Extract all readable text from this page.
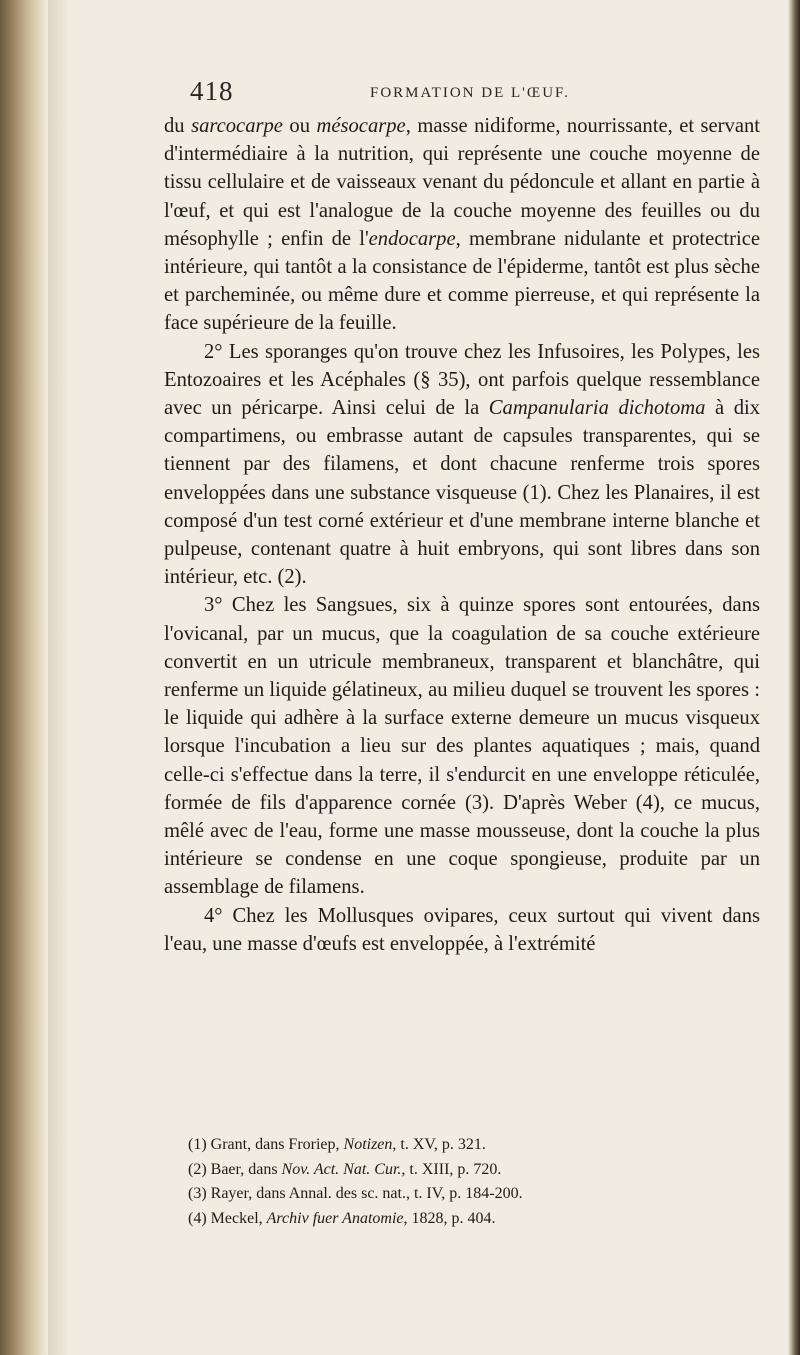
418	FORMATION DE L'ŒUF.

du sarcocarpe ou mésocarpe, masse nidiforme, nourrissante, et servant d'intermédiaire à la nutrition, qui représente une couche moyenne de tissu cellulaire et de vaisseaux venant du pédoncule et allant en partie à l'œuf, et qui est l'analogue de la couche moyenne des feuilles ou du mésophylle ; enfin de l'endocarpe, membrane nidulante et protectrice intérieure, qui tantôt a la consistance de l'épiderme, tantôt est plus sèche et parcheminée, ou même dure et comme pierreuse, et qui représente la face supérieure de la feuille.

2° Les sporanges qu'on trouve chez les Infusoires, les Polypes, les Entozoaires et les Acéphales (§ 35), ont parfois quelque ressemblance avec un péricarpe. Ainsi celui de la Campanularia dichotoma à dix compartimens, ou embrasse autant de capsules transparentes, qui se tiennent par des filamens, et dont chacune renferme trois spores enveloppées dans une substance visqueuse (1). Chez les Planaires, il est composé d'un test corné extérieur et d'une membrane interne blanche et pulpeuse, contenant quatre à huit embryons, qui sont libres dans son intérieur, etc. (2).

3° Chez les Sangsues, six à quinze spores sont entourées, dans l'ovicanal, par un mucus, que la coagulation de sa couche extérieure convertit en un utricule membraneux, transparent et blanchâtre, qui renferme un liquide gélatineux, au milieu duquel se trouvent les spores : le liquide qui adhère à la surface externe demeure un mucus visqueux lorsque l'incubation a lieu sur des plantes aquatiques ; mais, quand celle-ci s'effectue dans la terre, il s'endurcit en une enveloppe réticulée, formée de fils d'apparence cornée (3). D'après Weber (4), ce mucus, mêlé avec de l'eau, forme une masse mousseuse, dont la couche la plus intérieure se condense en une coque spongieuse, produite par un assemblage de filamens.

4° Chez les Mollusques ovipares, ceux surtout qui vivent dans l'eau, une masse d'œufs est enveloppée, à l'extrémité

(1) Grant, dans Froriep, Notizen, t. XV, p. 321.

(2) Baer, dans Nov. Act. Nat. Cur., t. XIII, p. 720.

(3) Rayer, dans Annal. des sc. nat., t. IV, p. 184-200.

(4) Meckel, Archiv fuer Anatomie, 1828, p. 404.
